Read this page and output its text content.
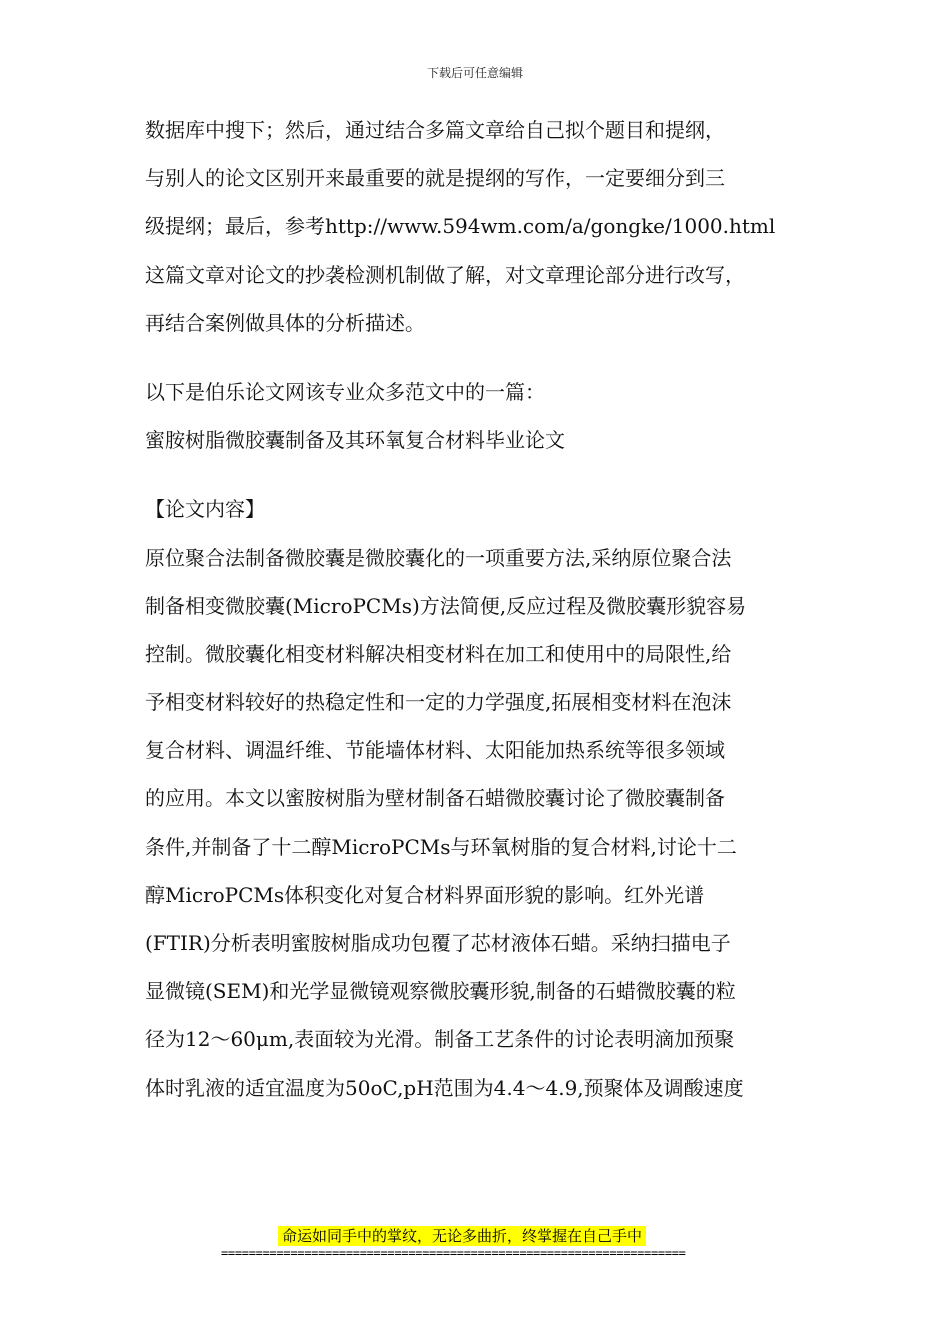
下载后可任意编辑
数据库中搜下；然后，通过结合多篇文章给自己拟个题目和提纲，
与别人的论文区别开来最重要的就是提纲的写作，一定要细分到三
级提纲；最后，参考http://www.594wm.com/a/gongke/1000.html
这篇文章对论文的抄袭检测机制做了解，对文章理论部分进行改写，
再结合案例做具体的分析描述。
以下是伯乐论文网该专业众多范文中的一篇：
蜜胺树脂微胶囊制备及其环氧复合材料毕业论文
【论文内容】
原位聚合法制备微胶囊是微胶囊化的一项重要方法,采纳原位聚合法
制备相变微胶囊(MicroPCMs)方法简便,反应过程及微胶囊形貌容易
控制。微胶囊化相变材料解决相变材料在加工和使用中的局限性,给
予相变材料较好的热稳定性和一定的力学强度,拓展相变材料在泡沫
复合材料、调温纤维、节能墙体材料、太阳能加热系统等很多领域
的应用。本文以蜜胺树脂为壁材制备石蜡微胶囊讨论了微胶囊制备
条件,并制备了十二醇MicroPCMs与环氧树脂的复合材料,讨论十二
醇MicroPCMs体积变化对复合材料界面形貌的影响。红外光谱
(FTIR)分析表明蜜胺树脂成功包覆了芯材液体石蜡。采纳扫描电子
显微镜(SEM)和光学显微镜观察微胶囊形貌,制备的石蜡微胶囊的粒
径为12～60μm,表面较为光滑。制备工艺条件的讨论表明滴加预聚
体时乳液的适宜温度为50oC,pH范围为4.4～4.9,预聚体及调酸速度
命运如同手中的掌纹，无论多曲折，终掌握在自己手中
===================================================================
